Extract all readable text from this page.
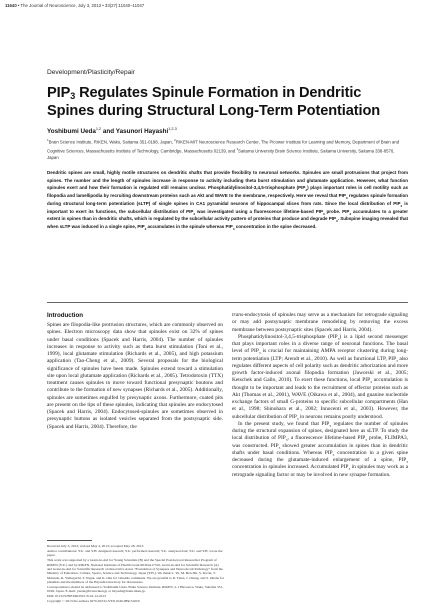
11640 • The Journal of Neuroscience, July 3, 2013 • 33(27):11040–11047
Development/Plasticity/Repair
$PIP_3$ Regulates Spinule Formation in Dendritic Spines during Structural Long-Term Potentiation
Yoshibumi Ueda$^{1,2}$ and Yasunori Hayashi$^{1,2,3}$
$^1$Brain Science Institute, RIKEN, Wako, Saitama 351-0198, Japan, $^2$RIKEN-MIT Neuroscience Research Center, The Picower Institute for Learning and Memory, Department of Brain and Cognitive Sciences, Massachusetts Institute of Technology, Cambridge, Massachusetts 02139, and $^3$Saitama University Brain Science Institute, Saitama University, Saitama 338-8570, Japan
Dendritic spines are small, highly motile structures on dendritic shafts that provide flexibility to neuronal networks. Spinules are small protrusions that project from spines. The number and the length of spinules increase in response to activity including theta burst stimulation and glutamate application. However, what function spinules exert and how their formation is regulated still remains unclear. Phosphatidylinositol-3,4,5-trisphosphate $(PIP_3)$ plays important roles in cell motility such as filopodia and lamellipodia by recruiting downstream proteins such as Akt and WAVE to the membrane, respectively. Here we reveal that $PIP_3$ regulates spinule formation during structural long-term potentiation (sLTP) of single spines in CA1 pyramidal neurons of hippocampal slices from rats. Since the local distribution of $PIP_3$ is important to exert its functions, the subcellular distribution of $PIP_3$ was investigated using a fluorescence lifetime-based $PIP_3$ probe. $PIP_3$ accumulates to a greater extent in spines than in dendritic shafts, which is regulated by the subcellular activity pattern of proteins that produce and degrade $PIP_3$. Subspine imaging revealed that when sLTP was induced in a single spine, $PIP_3$ accumulates in the spinule whereas $PIP_3$ concentration in the spine decreased.
Introduction

Spines are filopodia-like protrusion structures, which are commonly observed on spines. Electron microscopy data show that spinules exist on 32% of spines under basal conditions (Spacek and Harris, 2004). The number of spinules increases in response to activity such as theta burst stimulation (Toni et al., 1999), local glutamate stimulation (Richards et al., 2005), and high potassium application (Tao-Cheng et al., 2009). Several proposals for the biological significance of spinules have been made. Spinules extend toward a stimulation site upon local glutamate application (Richards et al., 2005). Tetrodotoxin (TTX) treatment causes spinules to move toward functional presynaptic boutons and contribute to the formation of new synapses (Richards et al., 2005). Additionally, spinules are sometimes engulfed by presynaptic axons. Furthermore, coated pits are present on the tips of these spinules, indicating that spinules are endocytosed (Spacek and Harris, 2004). Endocytosed-spinules are sometimes observed in presynaptic buttons as isolated vesicles separated from the postsynaptic side. (Spacek and Harris, 2004). Therefore, the

trans-endocytosis of spinules may serve as a mechanism for retrograde signaling or may add postsynaptic membrane remodeling by removing the excess membrane between postsynaptic sites (Spacek and Harris, 2004).

Phosphatidylinositol-3,4,5-trisphosphate $(PIP_3)$ is a lipid second messenger that plays important roles in a diverse range of neuronal functions. The basal level of $PIP_3$ is crucial for maintaining AMPA receptor clustering during long-term potentiation (LTP; Arendt et al., 2010). As well as functional LTP, $PIP_3$ also regulates different aspects of cell polarity such as dendritic arborization and more growth factor-induced axonal filopodia formation (Jaworski et al., 2005; Ketschek and Gallo, 2010). To exert these functions, local $PIP_3$ accumulation is thought to be important and leads to the recruitment of effector proteins such as Akt (Thomas et al., 2001), WAVE (Oikawa et al., 2004), and guanine nucleotide exchange factors of small G-proteins to specific subcellular compartments (Han et al., 1998; Shinohara et al., 2002; Innocenti et al., 2003). However, the subcellular distribution of $PIP_3$ in neurons remains poorly understood.

In the present study, we found that $PIP_3$ regulates the number of spinules during the structural expansion of spines, designated here as sLTP. To study the local distribution of $PIP_3$, a fluorescence lifetime-based $PIP_3$ probe, FLIMPA3, was constructed. $PIP_3$ showed greater accumulation in spines than in dendritic shafts under basal conditions. Whereas $PIP_3$ concentration in a given spine decreased during the glutamate-induced enlargement of a spine, $PIP_3$ concentration in spinules increased. Accumulated $PIP_3$ in spinules may work as a retrograde signaling factor or may be involved in new synapse formation.

Received July 3, 2012; revised May 4, 2013; accepted May 28, 2013.

Author contributions: Y.U. and Y.H. designed research; Y.U. performed research; Y.U. analyzed data; Y.U. and Y.H. wrote the paper.

This work was supported by a Grant-in-Aid for Young Scientists (B) and the Special Postdoctoral Researcher Program of RIKEN (Y.U.) and by RIKEN, National Institutes of Health Grant R01DA17310, Grant-in-Aid for Scientific Research (A) and Grant-in-Aid for Scientific Research on Innovative Areas "Foundation of Synapses and Neurocircuit Pathology" from the Ministry of Education, Culture, Sports, Science and Technology, Japan (Y.H.). We thank L. Yu, M. Ben-Shi, S. Kwok, T. Matsuda, K. Yamaguchi, T. Nagai, and K. Oka for valuable comments. We are grateful to R. Tsien, J. Chung, and S. Okabe for plasmids and the members of the Hayashi laboratory for discussions.

Correspondence should be addressed to Yoshibumi Ueda, Brain Science Institute, RIKEN, 2-1 Hirosawa, Wako, Saitama 351-0198, Japan. E-mail: yueda@brain.riken.jp or hayashi@brain.riken.jp.

DOI:10.1523/JNEUROSCI.3122-12.2013

Copyright © 2013 the authors 0270-6474/13/3311040-08$15.00/0
